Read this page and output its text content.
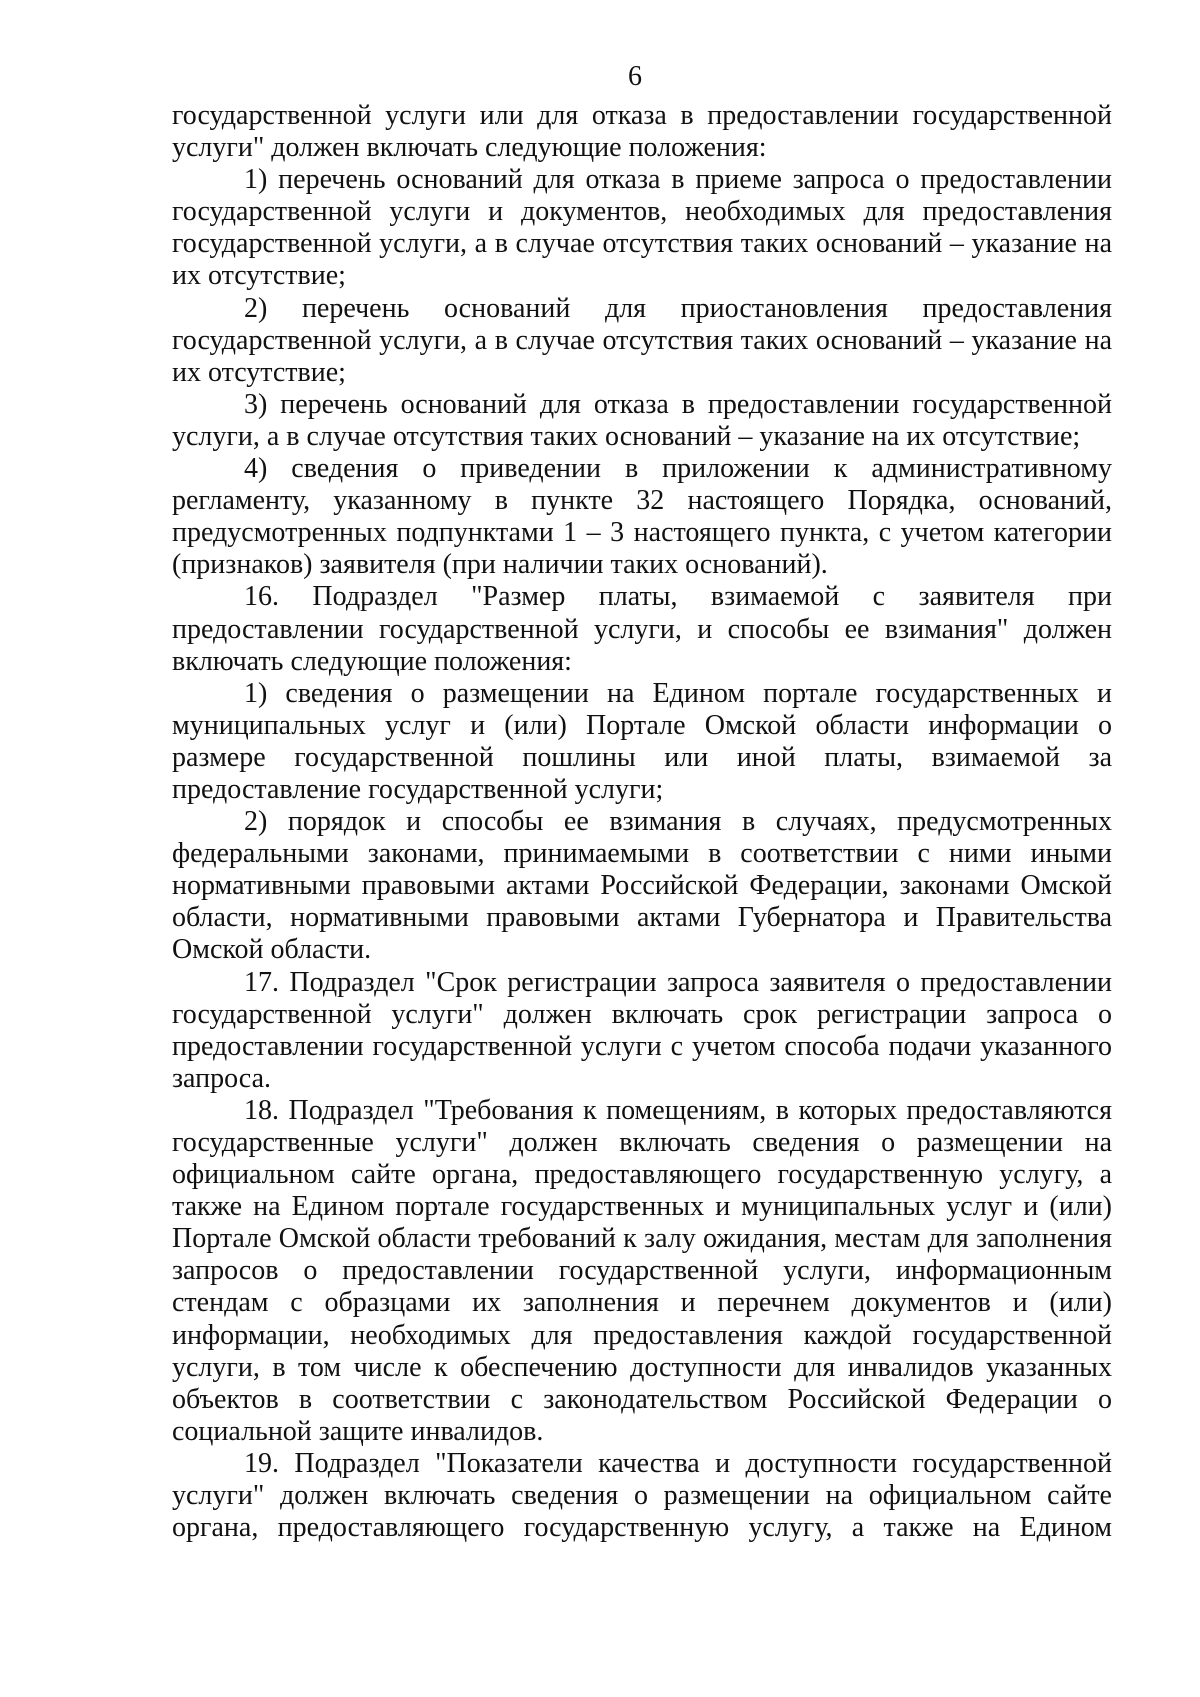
6

государственной услуги или для отказа в предоставлении государственной услуги" должен включать следующие положения:

1) перечень оснований для отказа в приеме запроса о предоставлении государственной услуги и документов, необходимых для предоставления государственной услуги, а в случае отсутствия таких оснований – указание на их отсутствие;

2) перечень оснований для приостановления предоставления государственной услуги, а в случае отсутствия таких оснований – указание на их отсутствие;

3) перечень оснований для отказа в предоставлении государственной услуги, а в случае отсутствия таких оснований – указание на их отсутствие;

4) сведения о приведении в приложении к административному регламенту, указанному в пункте 32 настоящего Порядка, оснований, предусмотренных подпунктами 1 – 3 настоящего пункта, с учетом категории (признаков) заявителя (при наличии таких оснований).

16. Подраздел "Размер платы, взимаемой с заявителя при предоставлении государственной услуги, и способы ее взимания" должен включать следующие положения:

1) сведения о размещении на Едином портале государственных и муниципальных услуг и (или) Портале Омской области информации о размере государственной пошлины или иной платы, взимаемой за предоставление государственной услуги;

2) порядок и способы ее взимания в случаях, предусмотренных федеральными законами, принимаемыми в соответствии с ними иными нормативными правовыми актами Российской Федерации, законами Омской области, нормативными правовыми актами Губернатора и Правительства Омской области.

17. Подраздел "Срок регистрации запроса заявителя о предоставлении государственной услуги" должен включать срок регистрации запроса о предоставлении государственной услуги с учетом способа подачи указанного запроса.

18. Подраздел "Требования к помещениям, в которых предоставляются государственные услуги" должен включать сведения о размещении на официальном сайте органа, предоставляющего государственную услугу, а также на Едином портале государственных и муниципальных услуг и (или) Портале Омской области требований к залу ожидания, местам для заполнения запросов о предоставлении государственной услуги, информационным стендам с образцами их заполнения и перечнем документов и (или) информации, необходимых для предоставления каждой государственной услуги, в том числе к обеспечению доступности для инвалидов указанных объектов в соответствии с законодательством Российской Федерации о социальной защите инвалидов.

19. Подраздел "Показатели качества и доступности государственной услуги" должен включать сведения о размещении на официальном сайте органа, предоставляющего государственную услугу, а также на Едином
